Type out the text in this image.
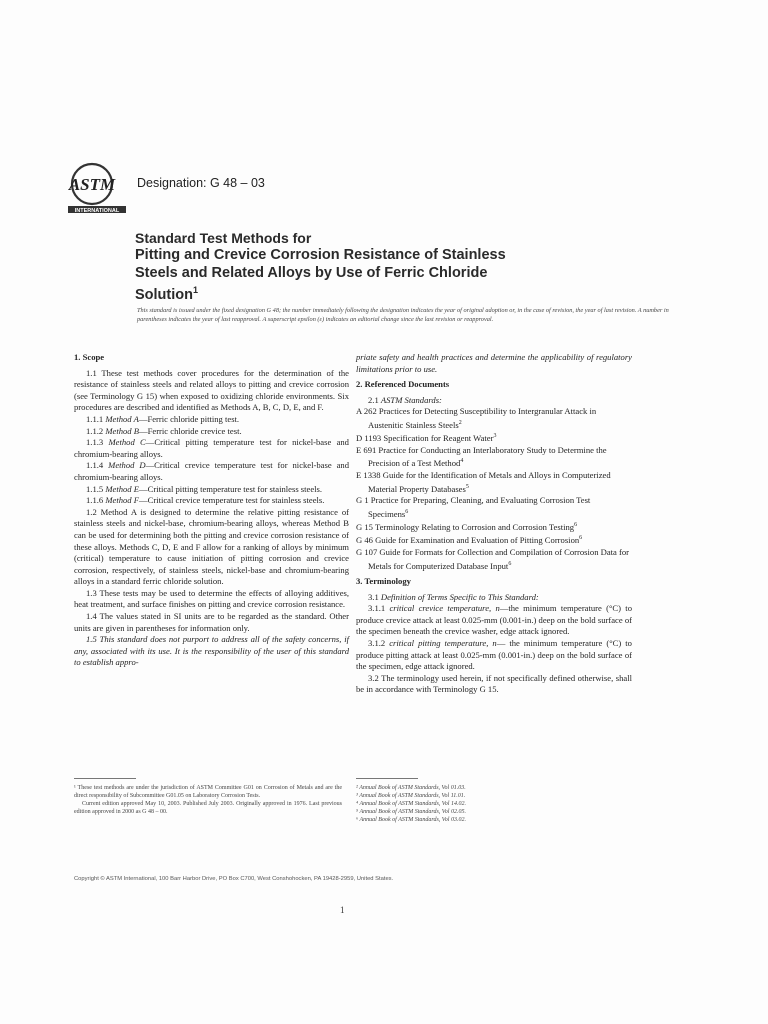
ASTM
INTERNATIONAL
Designation: G 48 – 03
Standard Test Methods for
Pitting and Crevice Corrosion Resistance of Stainless
Steels and Related Alloys by Use of Ferric Chloride
Solution$^1$
This standard is issued under the fixed designation G 48; the number immediately following the designation indicates the year of original adoption or, in the case of revision, the year of last revision. A number in parentheses indicates the year of last reapproval. A superscript epsilon (ε) indicates an editorial change since the last revision or reapproval.
1. Scope

1.1 These test methods cover procedures for the determination of the resistance of stainless steels and related alloys to pitting and crevice corrosion (see Terminology G 15) when exposed to oxidizing chloride environments. Six procedures are described and identified as Methods A, B, C, D, E, and F.

1.1.1 Method A—Ferric chloride pitting test.

1.1.2 Method B—Ferric chloride crevice test.

1.1.3 Method C—Critical pitting temperature test for nickel-base and chromium-bearing alloys.

1.1.4 Method D—Critical crevice temperature test for nickel-base and chromium-bearing alloys.

1.1.5 Method E—Critical pitting temperature test for stainless steels.

1.1.6 Method F—Critical crevice temperature test for stainless steels.

1.2 Method A is designed to determine the relative pitting resistance of stainless steels and nickel-base, chromium-bearing alloys, whereas Method B can be used for determining both the pitting and crevice corrosion resistance of these alloys. Methods C, D, E and F allow for a ranking of alloys by minimum (critical) temperature to cause initiation of pitting corrosion and crevice corrosion, respectively, of stainless steels, nickel-base and chromium-bearing alloys in a standard ferric chloride solution.

1.3 These tests may be used to determine the effects of alloying additives, heat treatment, and surface finishes on pitting and crevice corrosion resistance.

1.4 The values stated in SI units are to be regarded as the standard. Other units are given in parentheses for information only.

1.5 This standard does not purport to address all of the safety concerns, if any, associated with its use. It is the responsibility of the user of this standard to establish appro-

priate safety and health practices and determine the applicability of regulatory limitations prior to use.

2. Referenced Documents

2.1 ASTM Standards:

A 262 Practices for Detecting Susceptibility to Intergranular Attack in Austenitic Stainless Steels$^2$

D 1193 Specification for Reagent Water$^3$

E 691 Practice for Conducting an Interlaboratory Study to Determine the Precision of a Test Method$^4$

E 1338 Guide for the Identification of Metals and Alloys in Computerized Material Property Databases$^5$

G 1 Practice for Preparing, Cleaning, and Evaluating Corrosion Test Specimens$^6$

G 15 Terminology Relating to Corrosion and Corrosion Testing$^6$

G 46 Guide for Examination and Evaluation of Pitting Corrosion$^6$

G 107 Guide for Formats for Collection and Compilation of Corrosion Data for Metals for Computerized Database Input$^6$

3. Terminology

3.1 Definition of Terms Specific to This Standard:

3.1.1 critical crevice temperature, n—the minimum temperature (°C) to produce crevice attack at least 0.025-mm (0.001-in.) deep on the bold surface of the specimen beneath the crevice washer, edge attack ignored.

3.1.2 critical pitting temperature, n— the minimum temperature (°C) to produce pitting attack at least 0.025-mm (0.001-in.) deep on the bold surface of the specimen, edge attack ignored.

3.2 The terminology used herein, if not specifically defined otherwise, shall be in accordance with Terminology G 15.

¹ These test methods are under the jurisdiction of ASTM Committee G01 on Corrosion of Metals and are the direct responsibility of Subcommittee G01.05 on Laboratory Corrosion Tests.
Current edition approved May 10, 2003. Published July 2003. Originally approved in 1976. Last previous edition approved in 2000 as G 48 – 00.
² Annual Book of ASTM Standards, Vol 01.03.
³ Annual Book of ASTM Standards, Vol 11.01.
⁴ Annual Book of ASTM Standards, Vol 14.02.
⁵ Annual Book of ASTM Standards, Vol 02.05.
⁶ Annual Book of ASTM Standards, Vol 03.02.
Copyright © ASTM International, 100 Barr Harbor Drive, PO Box C700, West Conshohocken, PA 19428-2959, United States.
1
